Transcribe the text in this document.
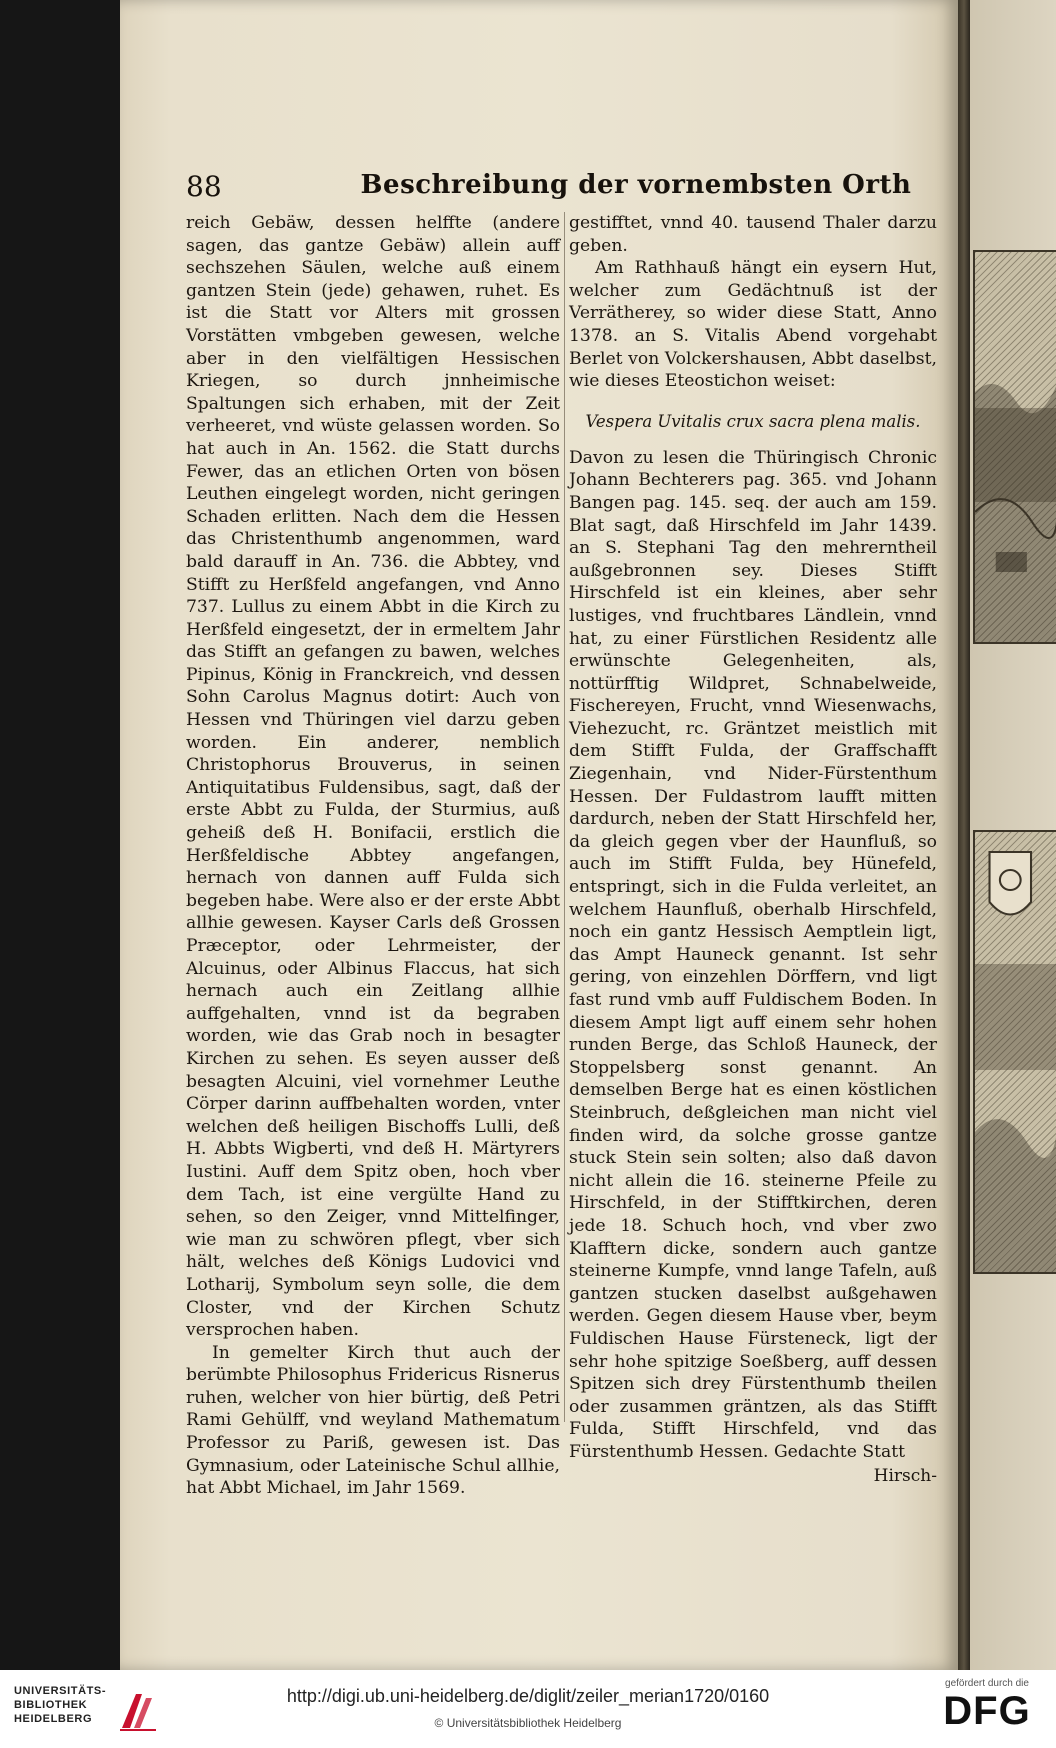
88	Beschreibung der vornembsten Orth

reich Gebäw, dessen helffte (andere sagen, das gantze Gebäw) allein auff sechszehen Säulen, welche auß einem gantzen Stein (jede) gehawen, ruhet. Es ist die Statt vor Alters mit grossen Vorstätten vmbgeben gewesen, welche aber in den vielfältigen Hessischen Kriegen, so durch jnnheimische Spaltungen sich erhaben, mit der Zeit verheeret, vnd wüste gelassen worden. So hat auch in An. 1562. die Statt durchs Fewer, das an etlichen Orten von bösen Leuthen eingelegt worden, nicht geringen Schaden erlitten. Nach dem die Hessen das Christenthumb angenommen, ward bald darauff in An. 736. die Abbtey, vnd Stifft zu Herßfeld angefangen, vnd Anno 737. Lullus zu einem Abbt in die Kirch zu Herßfeld eingesetzt, der in ermeltem Jahr das Stifft an gefangen zu bawen, welches Pipinus, König in Franckreich, vnd dessen Sohn Carolus Magnus dotirt: Auch von Hessen vnd Thüringen viel darzu geben worden. Ein anderer, nemblich Christophorus Brouverus, in seinen Antiquitatibus Fuldensibus, sagt, daß der erste Abbt zu Fulda, der Sturmius, auß geheiß deß H. Bonifacii, erstlich die Herßfeldische Abbtey angefangen, hernach von dannen auff Fulda sich begeben habe. Were also er der erste Abbt allhie gewesen. Kayser Carls deß Grossen Præceptor, oder Lehrmeister, der Alcuinus, oder Albinus Flaccus, hat sich hernach auch ein Zeitlang allhie auffgehalten, vnnd ist da begraben worden, wie das Grab noch in besagter Kirchen zu sehen. Es seyen ausser deß besagten Alcuini, viel vornehmer Leuthe Cörper darinn auffbehalten worden, vnter welchen deß heiligen Bischoffs Lulli, deß H. Abbts Wigberti, vnd deß H. Märtyrers Iustini. Auff dem Spitz oben, hoch vber dem Tach, ist eine vergülte Hand zu sehen, so den Zeiger, vnnd Mittelfinger, wie man zu schwören pflegt, vber sich hält, welches deß Königs Ludovici vnd Lotharij, Symbolum seyn solle, die dem Closter, vnd der Kirchen Schutz versprochen haben.

In gemelter Kirch thut auch der berümbte Philosophus Fridericus Risnerus ruhen, welcher von hier bürtig, deß Petri Rami Gehülff, vnd weyland Mathematum Professor zu Pariß, gewesen ist. Das Gymnasium, oder Lateinische Schul allhie, hat Abbt Michael, im Jahr 1569.

gestifftet, vnnd 40. tausend Thaler darzu geben.

Am Rathhauß hängt ein eysern Hut, welcher zum Gedächtnuß ist der Verrätherey, so wider diese Statt, Anno 1378. an S. Vitalis Abend vorgehabt Berlet von Volckershausen, Abbt daselbst, wie dieses Eteostichon weiset:

Vespera Uvitalis crux sacra plena malis.

Davon zu lesen die Thüringisch Chronic Johann Bechterers pag. 365. vnd Johann Bangen pag. 145. seq. der auch am 159. Blat sagt, daß Hirschfeld im Jahr 1439. an S. Stephani Tag den mehrerntheil außgebronnen sey. Dieses Stifft Hirschfeld ist ein kleines, aber sehr lustiges, vnd fruchtbares Ländlein, vnnd hat, zu einer Fürstlichen Residentz alle erwünschte Gelegenheiten, als, nottürfftig Wildpret, Schnabelweide, Fischereyen, Frucht, vnnd Wiesenwachs, Viehezucht, rc. Gräntzet meistlich mit dem Stifft Fulda, der Graffschafft Ziegenhain, vnd Nider-Fürstenthum Hessen. Der Fuldastrom laufft mitten dardurch, neben der Statt Hirschfeld her, da gleich gegen vber der Haunfluß, so auch im Stifft Fulda, bey Hünefeld, entspringt, sich in die Fulda verleitet, an welchem Haunfluß, oberhalb Hirschfeld, noch ein gantz Hessisch Aemptlein ligt, das Ampt Hauneck genannt. Ist sehr gering, von einzehlen Dörffern, vnd ligt fast rund vmb auff Fuldischem Boden. In diesem Ampt ligt auff einem sehr hohen runden Berge, das Schloß Hauneck, der Stoppelsberg sonst genannt. An demselben Berge hat es einen köstlichen Steinbruch, deßgleichen man nicht viel finden wird, da solche grosse gantze stuck Stein sein solten; also daß davon nicht allein die 16. steinerne Pfeile zu Hirschfeld, in der Stifftkirchen, deren jede 18. Schuch hoch, vnd vber zwo Klafftern dicke, sondern auch gantze steinerne Kumpfe, vnnd lange Tafeln, auß gantzen stucken daselbst außgehawen werden. Gegen diesem Hause vber, beym Fuldischen Hause Fürsteneck, ligt der sehr hohe spitzige Soeßberg, auff dessen Spitzen sich drey Fürstenthumb theilen oder zusammen gräntzen, als das Stifft Fulda, Stifft Hirschfeld, vnd das Fürstenthumb Hessen. Gedachte Statt

Hirsch-

UNIVERSITÄTS-
BIBLIOTHEK
HEIDELBERG
http://digi.ub.uni-heidelberg.de/diglit/zeiler_merian1720/0160
© Universitätsbibliothek Heidelberg
gefördert durch die
DFG
